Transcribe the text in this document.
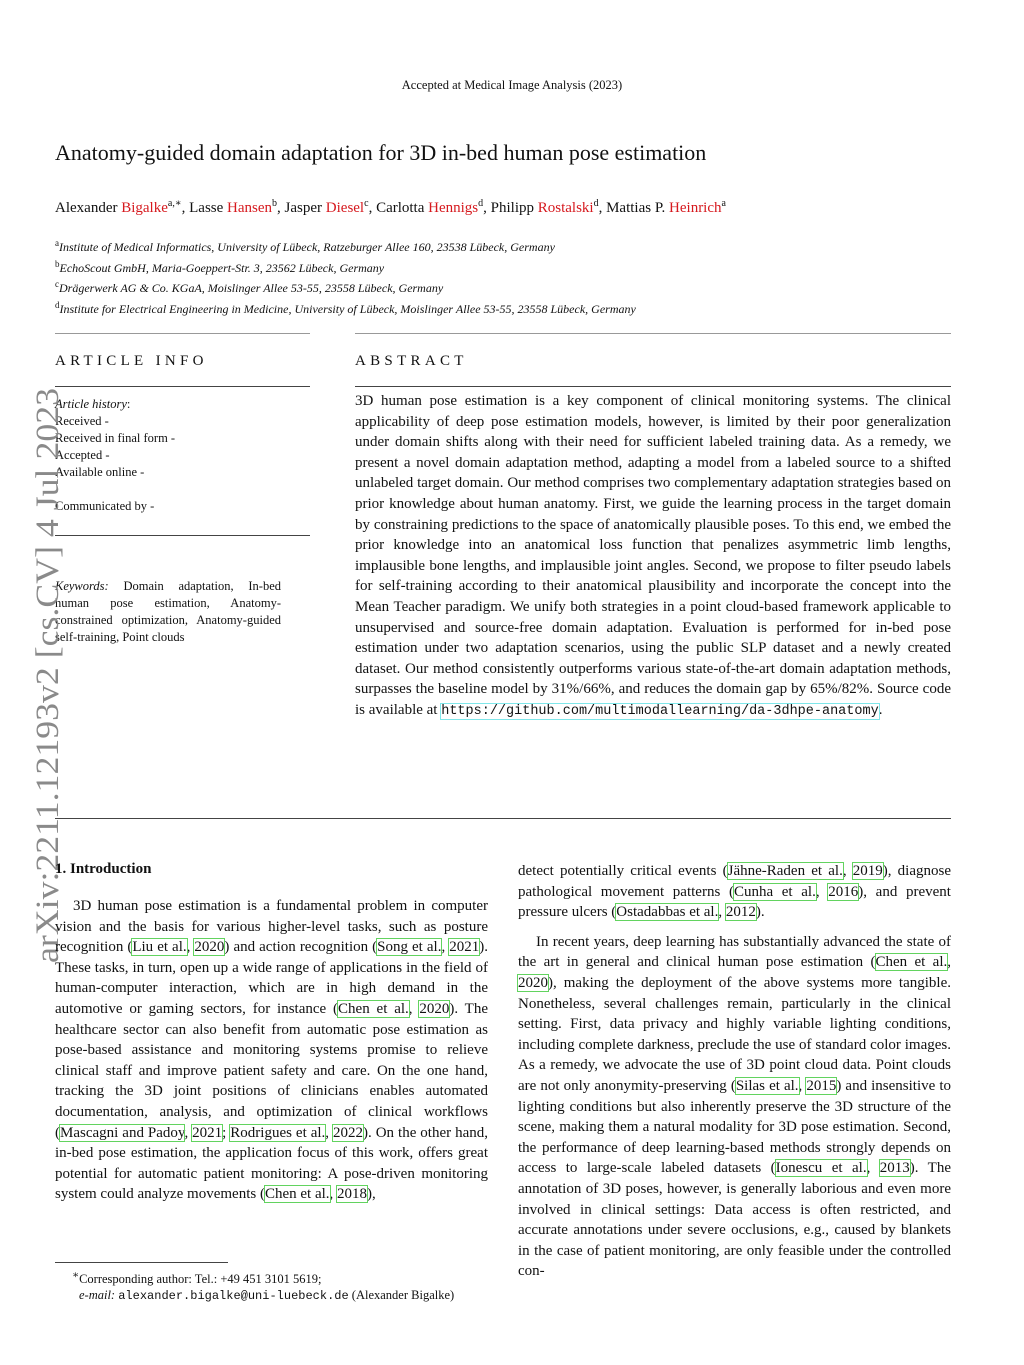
Accepted at Medical Image Analysis (2023)
Anatomy-guided domain adaptation for 3D in-bed human pose estimation
Alexander Bigalke$^{a,∗}$, Lasse Hansen$^b$, Jasper Diesel$^c$, Carlotta Hennigs$^d$, Philipp Rostalski$^d$, Mattias P. Heinrich$^a$
$^a$Institute of Medical Informatics, University of Lübeck, Ratzeburger Allee 160, 23538 Lübeck, Germany
$^b$EchoScout GmbH, Maria-Goeppert-Str. 3, 23562 Lübeck, Germany
$^c$Drägerwerk AG & Co. KGaA, Moislinger Allee 53-55, 23558 Lübeck, Germany
$^d$Institute for Electrical Engineering in Medicine, University of Lübeck, Moislinger Allee 53-55, 23558 Lübeck, Germany
ARTICLE INFO	ABSTRACT
Article history:
Received -
Received in final form -
Accepted -
Available online -
Communicated by -
Keywords: Domain adaptation, In-bed human pose estimation, Anatomy-constrained optimization, Anatomy-guided self-training, Point clouds
3D human pose estimation is a key component of clinical monitoring systems. The clinical applicability of deep pose estimation models, however, is limited by their poor generalization under domain shifts along with their need for sufficient labeled training data. As a remedy, we present a novel domain adaptation method, adapting a model from a labeled source to a shifted unlabeled target domain. Our method comprises two complementary adaptation strategies based on prior knowledge about human anatomy. First, we guide the learning process in the target domain by constraining predictions to the space of anatomically plausible poses. To this end, we embed the prior knowledge into an anatomical loss function that penalizes asymmetric limb lengths, implausible bone lengths, and implausible joint angles. Second, we propose to filter pseudo labels for self-training according to their anatomical plausibility and incorporate the concept into the Mean Teacher paradigm. We unify both strategies in a point cloud-based framework applicable to unsupervised and source-free domain adaptation. Evaluation is performed for in-bed pose estimation under two adaptation scenarios, using the public SLP dataset and a newly created dataset. Our method consistently outperforms various state-of-the-art domain adaptation methods, surpasses the baseline model by 31%/66%, and reduces the domain gap by 65%/82%. Source code is available at https://github.com/multimodallearning/da-3dhpe-anatomy.
arXiv:2211.12193v2 [cs.CV] 4 Jul 2023
1. Introduction

3D human pose estimation is a fundamental problem in computer vision and the basis for various higher-level tasks, such as posture recognition (Liu et al., 2020) and action recognition (Song et al., 2021). These tasks, in turn, open up a wide range of applications in the field of human-computer interaction, which are in high demand in the automotive or gaming sectors, for instance (Chen et al., 2020). The healthcare sector can also benefit from automatic pose estimation as pose-based assistance and monitoring systems promise to relieve clinical staff and improve patient safety and care. On the one hand, tracking the 3D joint positions of clinicians enables automated documentation, analysis, and optimization of clinical workflows (Mascagni and Padoy, 2021; Rodrigues et al., 2022). On the other hand, in-bed pose estimation, the application focus of this work, offers great potential for automatic patient monitoring: A pose-driven monitoring system could analyze movements (Chen et al., 2018),

detect potentially critical events (Jähne-Raden et al., 2019), diagnose pathological movement patterns (Cunha et al., 2016), and prevent pressure ulcers (Ostadabbas et al., 2012).

In recent years, deep learning has substantially advanced the state of the art in general and clinical human pose estimation (Chen et al., 2020), making the deployment of the above systems more tangible. Nonetheless, several challenges remain, particularly in the clinical setting. First, data privacy and highly variable lighting conditions, including complete darkness, preclude the use of standard color images. As a remedy, we advocate the use of 3D point cloud data. Point clouds are not only anonymity-preserving (Silas et al., 2015) and insensitive to lighting conditions but also inherently preserve the 3D structure of the scene, making them a natural modality for 3D pose estimation. Second, the performance of deep learning-based methods strongly depends on access to large-scale labeled datasets (Ionescu et al., 2013). The annotation of 3D poses, however, is generally laborious and even more involved in clinical settings: Data access is often restricted, and accurate annotations under severe occlusions, e.g., caused by blankets in the case of patient monitoring, are only feasible under the controlled con-

∗Corresponding author: Tel.: +49 451 3101 5619;
e-mail: alexander.bigalke@uni-luebeck.de (Alexander Bigalke)
